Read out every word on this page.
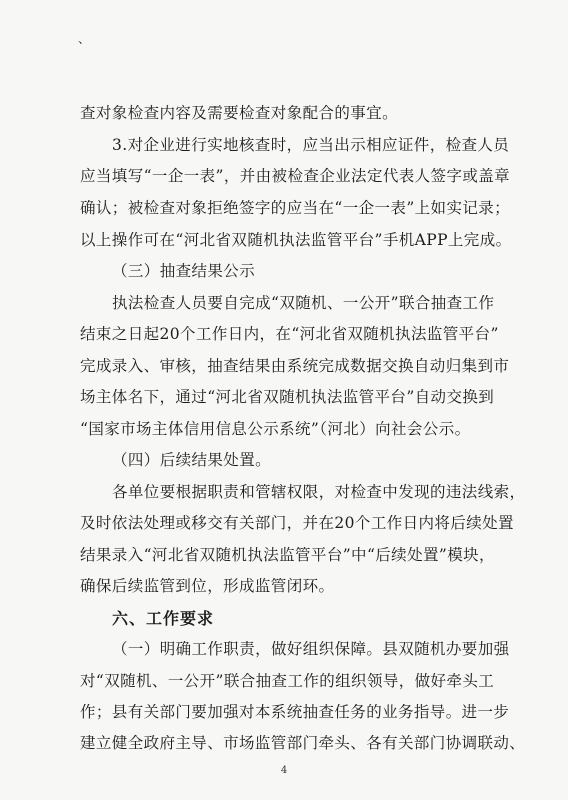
、
查对象检查内容及需要检查对象配合的事宜。
3.对企业进行实地核查时，应当出示相应证件，检查人员
应当填写“一企一表”，并由被检查企业法定代表人签字或盖章
确认；被检查对象拒绝签字的应当在“一企一表”上如实记录；
以上操作可在“河北省双随机执法监管平台”手机APP上完成。
（三）抽查结果公示
执法检查人员要自完成“双随机、一公开”联合抽查工作
结束之日起20个工作日内，在“河北省双随机执法监管平台”
完成录入、审核，抽查结果由系统完成数据交换自动归集到市
场主体名下，通过“河北省双随机执法监管平台”自动交换到
“国家市场主体信用信息公示系统”（河北）向社会公示。
（四）后续结果处置。
各单位要根据职责和管辖权限，对检查中发现的违法线索，
及时依法处理或移交有关部门，并在20个工作日内将后续处置
结果录入“河北省双随机执法监管平台”中“后续处置”模块，
确保后续监管到位，形成监管闭环。
六、工作要求
（一）明确工作职责，做好组织保障。县双随机办要加强
对“双随机、一公开”联合抽查工作的组织领导，做好牵头工
作；县有关部门要加强对本系统抽查任务的业务指导。进一步
建立健全政府主导、市场监管部门牵头、各有关部门协调联动、
4
